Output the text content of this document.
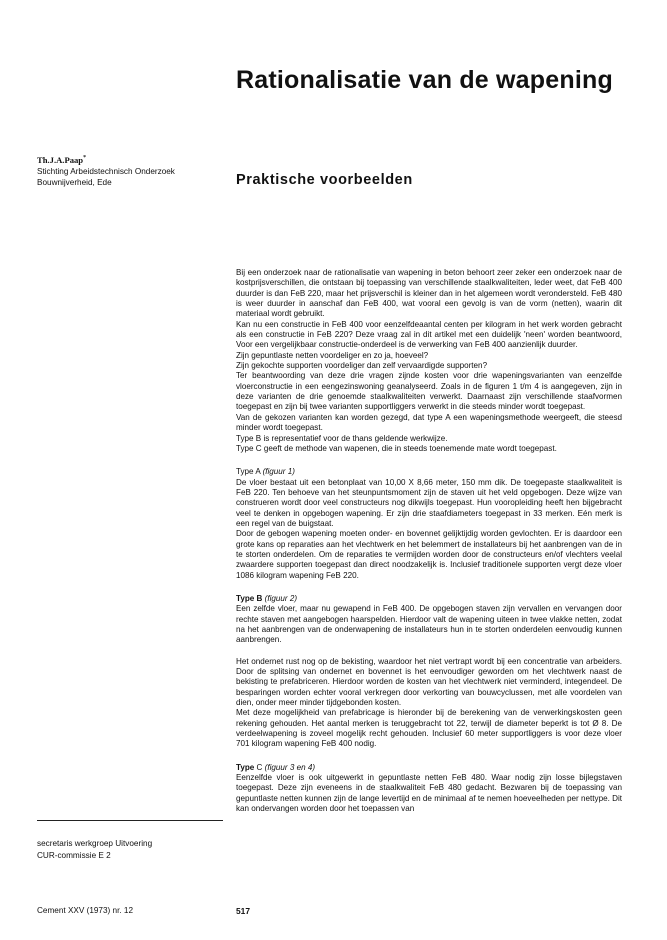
Rationalisatie van de wapening
Praktische voorbeelden
Th.J.A.Paap*
Stichting Arbeidstechnisch Onderzoek
Bouwnijverheid, Ede

Bij een onderzoek naar de rationalisatie van wapening in beton behoort zeer zeker een onderzoek naar de kostprijsverschillen, die ontstaan bij toepassing van verschillende staalkwaliteiten, leder weet, dat FeB 400 duurder is dan FeB 220, maar het prijsverschil is kleiner dan in het algemeen wordt verondersteld. FeB 480 is weer duurder in aanschaf dan FeB 400, wat vooral een gevolg is van de vorm (netten), waarin dit materiaal wordt gebruikt.

Kan nu een constructie in FeB 400 voor eenzelfdeaantal centen per kilogram in het werk worden gebracht als een constructie in FeB 220? Deze vraag zal in dit artikel met een duidelijk 'neen' worden beantwoord, Voor een vergelijkbaar constructie-onderdeel is de verwerking van FeB 400 aanzienlijk duurder.

Zijn gepuntlaste netten voordeliger en zo ja, hoeveel?

Zijn gekochte supporten voordeliger dan zelf vervaardigde supporten?

Ter beantwoording van deze drie vragen zijnde kosten voor drie wapeningsvarianten van eenzelfde vloerconstructie in een eengezinswoning geanalyseerd. Zoals in de figuren 1 t/m 4 is aangegeven, zijn in deze varianten de drie genoemde staalkwaliteiten verwerkt. Daarnaast zijn verschillende staafvormen toegepast en zijn bij twee varianten supportliggers verwerkt in die steeds minder wordt toegepast.

Van de gekozen varianten kan worden gezegd, dat type A een wapeningsmethode weergeeft, die steesd minder wordt toegepast.

Type B is representatief voor de thans geldende werkwijze.

Type C geeft de methode van wapenen, die in steeds toenemende mate wordt toegepast.

Type A (figuur 1)

De vloer bestaat uit een betonplaat van 10,00 X 8,66 meter, 150 mm dik. De toegepaste staalkwaliteit is FeB 220. Ten behoeve van het steunpuntsmoment zijn de staven uit het veld opgebogen. Deze wijze van construeren wordt door veel constructeurs nog dikwijls toegepast. Hun vooropleiding heeft hen bijgebracht veel te denken in opgebogen wapening. Er zijn drie staafdiameters toegepast in 33 merken. Eén merk is een regel van de buigstaat.

Door de gebogen wapening moeten onder- en bovennet gelijktijdig worden gevlochten. Er is daardoor een grote kans op reparaties aan het vlechtwerk en het belemmert de installateurs bij het aanbrengen van de in te storten onderdelen. Om de reparaties te vermijden worden door de constructeurs en/of vlechters veelal zwaardere supporten toegepast dan direct noodzakelijk is. Inclusief traditionele supporten vergt deze vloer 1086 kilogram wapening FeB 220.

Type B (figuur 2)

Een zelfde vloer, maar nu gewapend in FeB 400. De opgebogen staven zijn vervallen en vervangen door rechte staven met aangebogen haarspelden. Hierdoor valt de wapening uiteen in twee vlakke netten, zodat na het aanbrengen van de onderwapening de installateurs hun in te storten onderdelen eenvoudig kunnen aanbrengen.

Het ondernet rust nog op de bekisting, waardoor het niet vertrapt wordt bij een concentratie van arbeiders. Door de splitsing van ondernet en bovennet is het eenvoudiger geworden om het vlechtwerk naast de bekisting te prefabriceren. Hierdoor worden de kosten van het vlechtwerk niet verminderd, integendeel. De besparingen worden echter vooral verkregen door verkorting van bouwcyclussen, met alle voordelen van dien, onder meer minder tijdgebonden kosten.

Met deze mogelijkheid van prefabricage is hieronder bij de berekening van de verwerkingskosten geen rekening gehouden. Het aantal merken is teruggebracht tot 22, terwijl de diameter beperkt is tot Ø 8. De verdeelwapening is zoveel mogelijk recht gehouden. Inclusief 60 meter supportliggers is voor deze vloer 701 kilogram wapening FeB 400 nodig.

Type C (figuur 3 en 4)

Eenzelfde vloer is ook uitgewerkt in gepuntlaste netten FeB 480. Waar nodig zijn losse bijlegstaven toegepast. Deze zijn eveneens in de staalkwaliteit FeB 480 gedacht. Bezwaren bij de toepassing van gepuntlaste netten kunnen zijn de lange levertijd en de minimaal af te nemen hoeveelheden per nettype. Dit kan ondervangen worden door het toepassen van

secretaris werkgroep Uitvoering
CUR-commissie E 2
Cement XXV (1973) nr. 12	517
